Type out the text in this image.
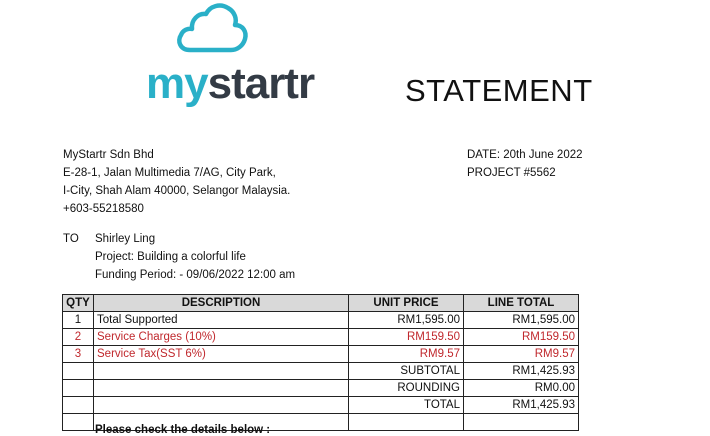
mystartr	STATEMENT
MyStartr Sdn Bhd
E-28-1, Jalan Multimedia 7/AG, City Park,
I-City, Shah Alam 40000, Selangor Malaysia.
+603-55218580
DATE: 20th June 2022
PROJECT #5562
TO Shirley Ling
Project: Building a colorful life
Funding Period: - 09/06/2022 12:00 am
QTY	DESCRIPTION	UNIT PRICE	LINE TOTAL
1	Total Supported	RM1,595.00	RM1,595.00
2	Service Charges (10%)	RM159.50	RM159.50
3	Service Tax(SST 6%)	RM9.57	RM9.57
		SUBTOTAL	RM1,425.93
		ROUNDING	RM0.00
		TOTAL	RM1,425.93

Please check the details below :
